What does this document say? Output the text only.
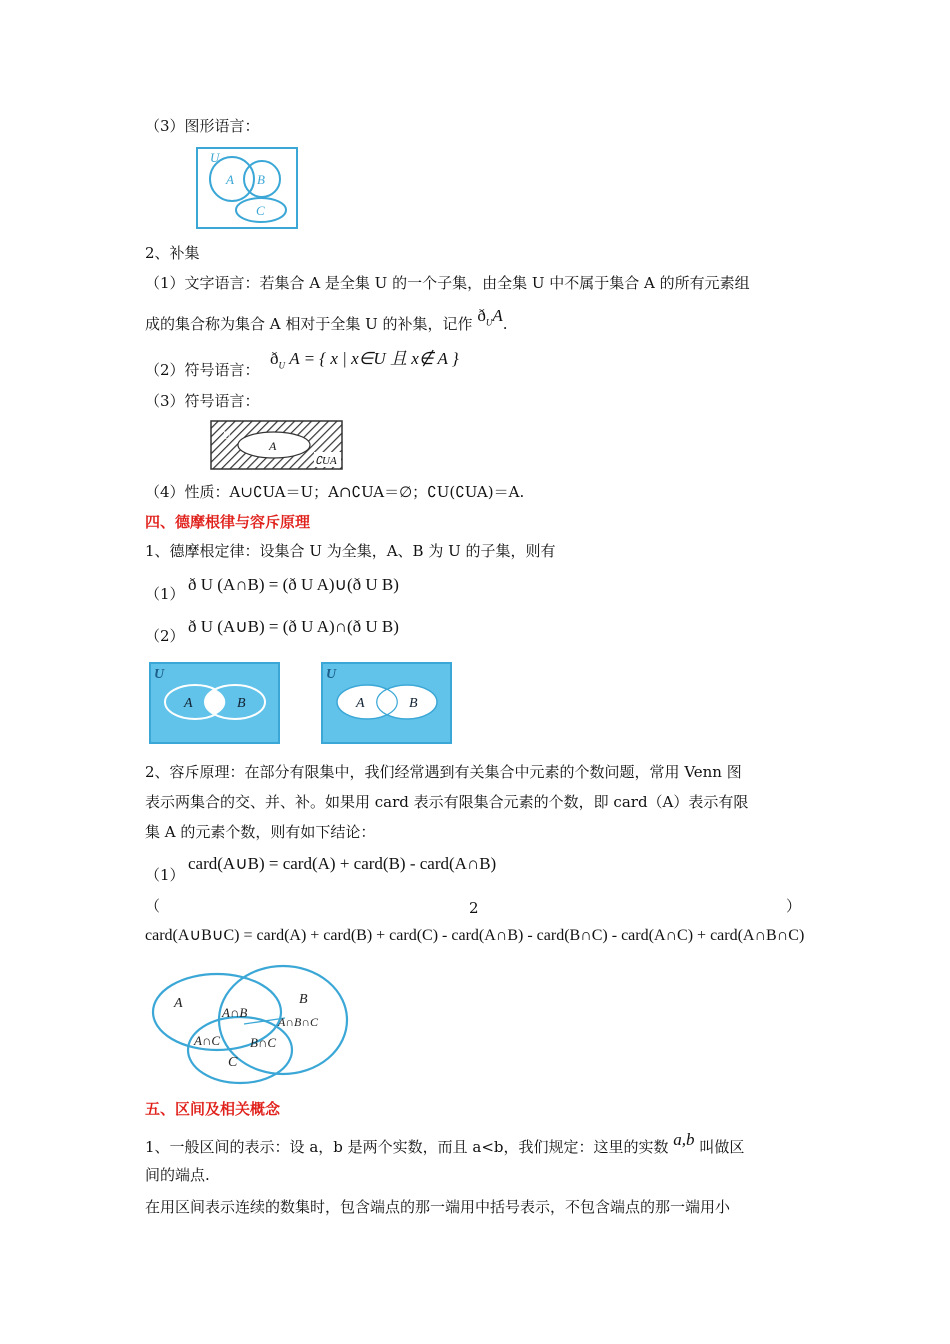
（3）图形语言：
U
A B
C
2、补集
（1）文字语言：若集合 A 是全集 U 的一个子集，由全集 U 中不属于集合 A 的所有元素组
成的集合称为集合 A 相对于全集 U 的补集，记作 $ð_UA$.
（2）符号语言：
$ð_U$ A = { x | x∈U 且 x∉ A }
（3）符号语言：
U
A
∁UA
（4）性质：A∪∁UA＝U；A∩∁UA＝∅；∁U(∁UA)＝A.
四、德摩根律与容斥原理
1、德摩根定律：设集合 U 为全集，A、B 为 U 的子集，则有
（1） ð U (A∩B) = (ð U A)∪(ð U B)
（2） ð U (A∪B) = (ð U A)∩(ð U B)
U
A	B
U
A	B
2、容斥原理：在部分有限集中，我们经常遇到有关集合中元素的个数问题，常用 Venn 图
表示两集合的交、并、补。如果用 card 表示有限集合元素的个数，即 card（A）表示有限
集 A 的元素个数，则有如下结论：
（1）
card(A∪B) = card(A) + card(B) - card(A∩B)
（	2	）
card(A∪B∪C) = card(A) + card(B) + card(C) - card(A∩B) - card(B∩C) - card(A∩C) + card(A∩B∩C)
A	B
C
A∩B
A∩B∩C
A∩C B∩C
五、区间及相关概念
1、一般区间的表示：设 a，b 是两个实数，而且 a<b，我们规定：这里的实数 a,b 叫做区
间的端点.
在用区间表示连续的数集时，包含端点的那一端用中括号表示，不包含端点的那一端用小
